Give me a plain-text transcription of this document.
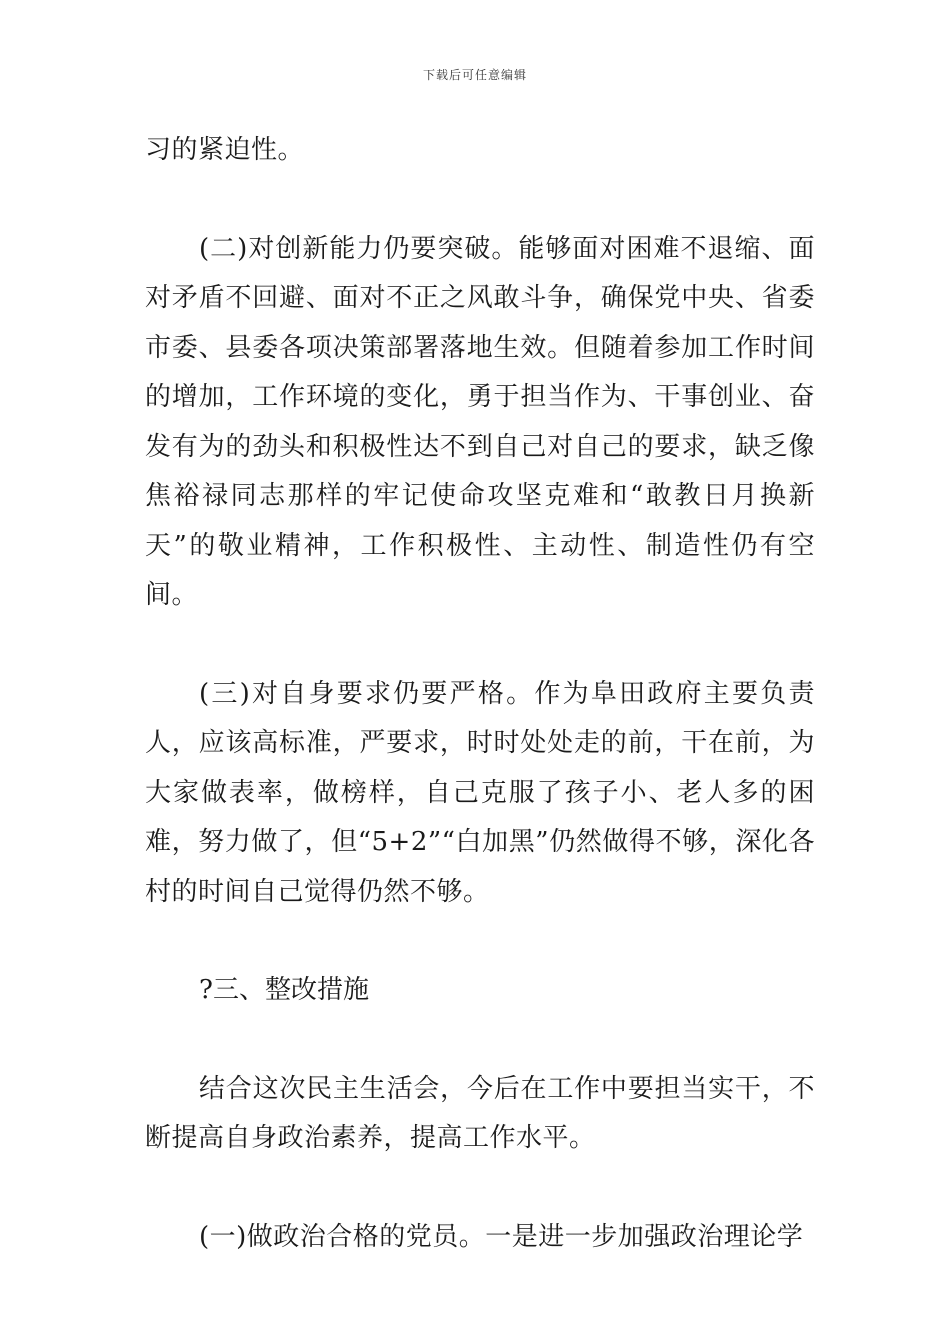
下载后可任意编辑

习的紧迫性。

(二)对创新能力仍要突破。能够面对困难不退缩、面对矛盾不回避、面对不正之风敢斗争，确保党中央、省委市委、县委各项决策部署落地生效。但随着参加工作时间的增加，工作环境的变化，勇于担当作为、干事创业、奋发有为的劲头和积极性达不到自己对自己的要求，缺乏像焦裕禄同志那样的牢记使命攻坚克难和“敢教日月换新天”的敬业精神，工作积极性、主动性、制造性仍有空间。

(三)对自身要求仍要严格。作为阜田政府主要负责人，应该高标准，严要求，时时处处走的前，干在前，为大家做表率，做榜样，自己克服了孩子小、老人多的困难，努力做了，但“5+2”“白加黑”仍然做得不够，深化各村的时间自己觉得仍然不够。

?三、整改措施

结合这次民主生活会，今后在工作中要担当实干，不断提高自身政治素养，提高工作水平。

(一)做政治合格的党员。一是进一步加强政治理论学
